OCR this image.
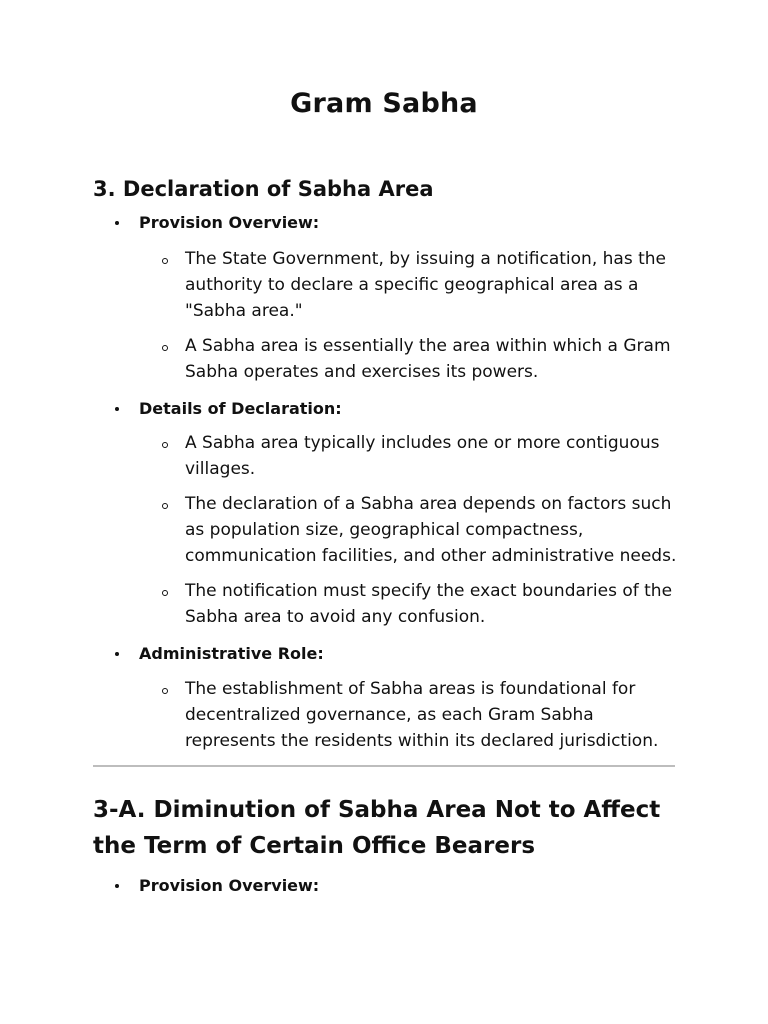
Gram Sabha
3. Declaration of Sabha Area
Provision Overview:
The State Government, by issuing a notification, has the authority to declare a specific geographical area as a "Sabha area."
A Sabha area is essentially the area within which a Gram Sabha operates and exercises its powers.
Details of Declaration:
A Sabha area typically includes one or more contiguous villages.
The declaration of a Sabha area depends on factors such as population size, geographical compactness, communication facilities, and other administrative needs.
The notification must specify the exact boundaries of the Sabha area to avoid any confusion.
Administrative Role:
The establishment of Sabha areas is foundational for decentralized governance, as each Gram Sabha represents the residents within its declared jurisdiction.
3-A. Diminution of Sabha Area Not to Affect the Term of Certain Office Bearers
Provision Overview:
